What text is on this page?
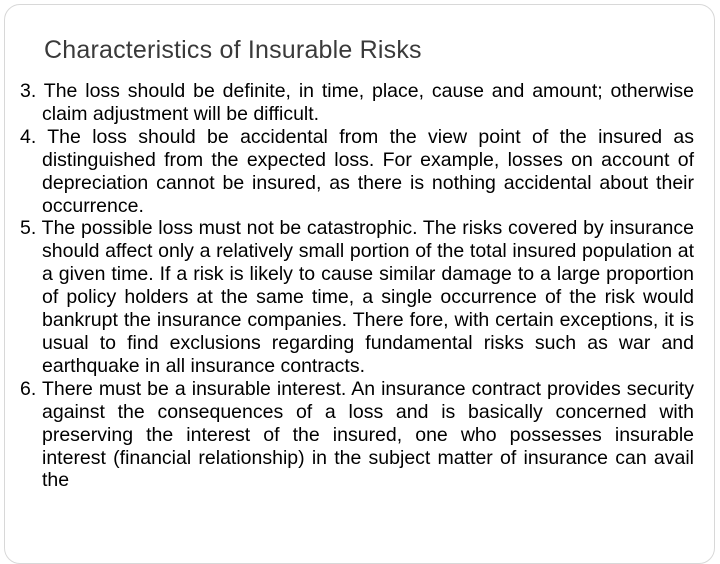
Characteristics of Insurable Risks
3. The loss should be definite, in time, place, cause and amount; otherwise claim adjustment will be difficult.
4. The loss should be accidental from the view point of the insured as distinguished from the expected loss. For example, losses on account of depreciation cannot be insured, as there is nothing accidental about their occurrence.
5. The possible loss must not be catastrophic. The risks covered by insurance should affect only a relatively small portion of the total insured population at a given time. If a risk is likely to cause similar damage to a large proportion of policy holders at the same time, a single occurrence of the risk would bankrupt the insurance companies. There fore, with certain exceptions, it is usual to find exclusions regarding fundamental risks such as war and earthquake in all insurance contracts.
6. There must be a insurable interest. An insurance contract provides security against the consequences of a loss and is basically concerned with preserving the interest of the insured, one who possesses insurable interest (financial relationship) in the subject matter of insurance can avail the
